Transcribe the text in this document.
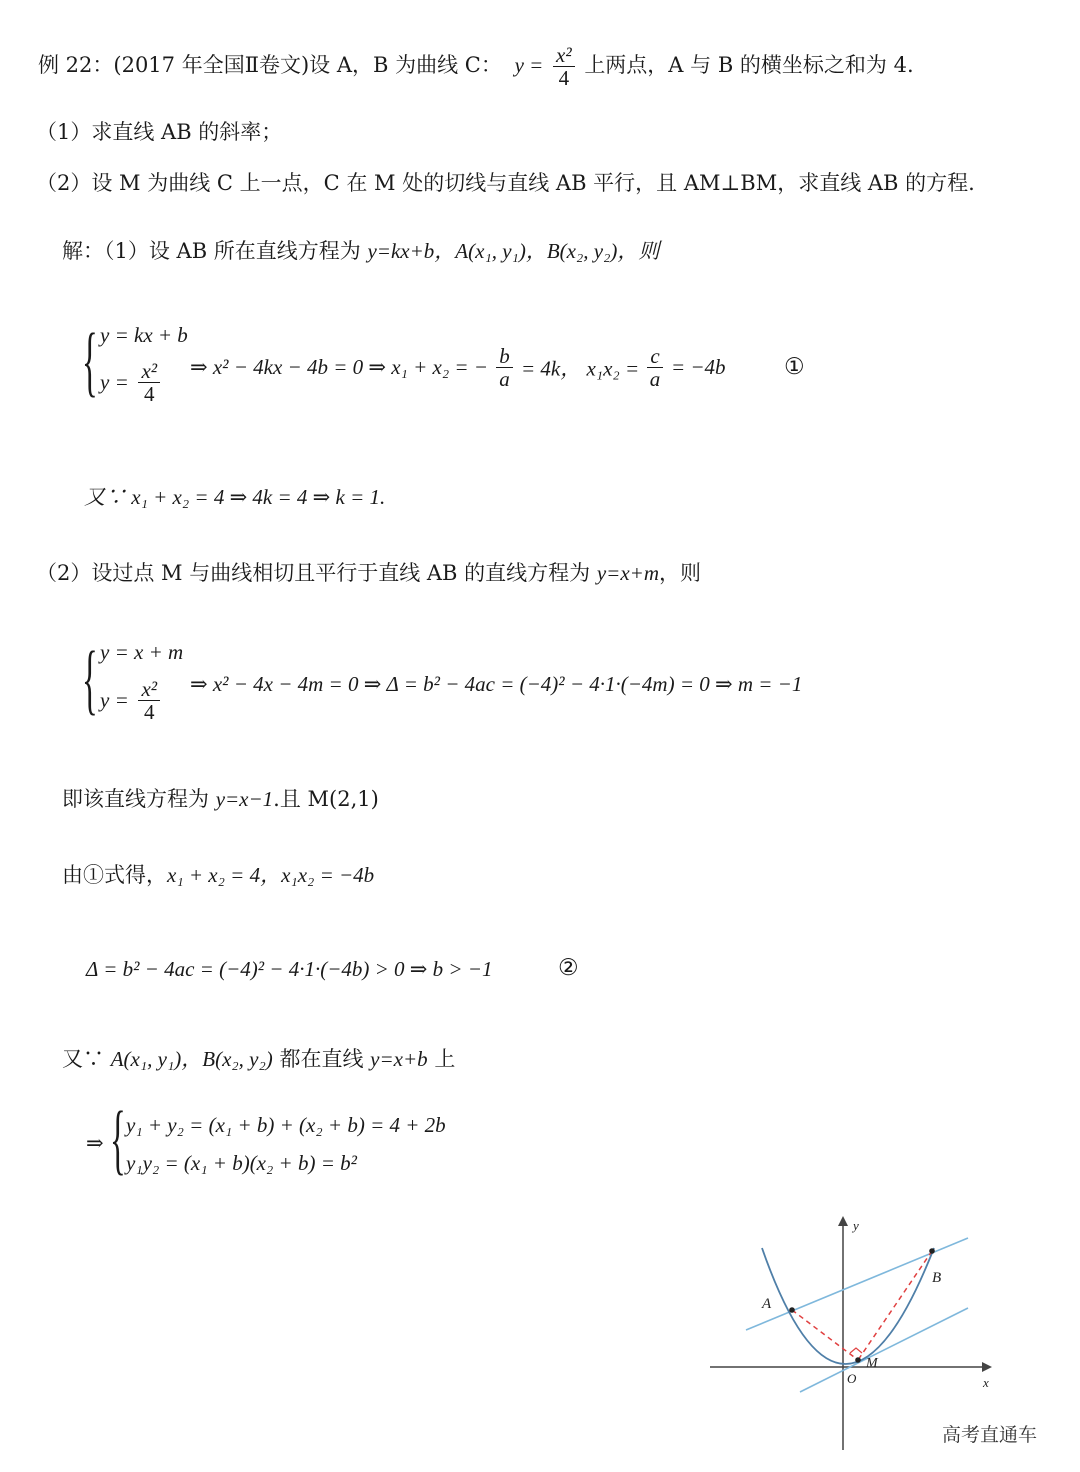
例 22：(2017 年全国Ⅱ卷文)设 A，B 为曲线 C： $y = \frac{\text{x²}}{4}$ 上两点，A 与 B 的横坐标之和为 4.
（1）求直线 AB 的斜率；
（2）设 M 为曲线 C 上一点，C 在 M 处的切线与直线 AB 平行，且 AM⊥BM，求直线 AB 的方程.
解：（1）设 AB 所在直线方程为 y=kx+b，A(x₁, y₁)，B(x₂, y₂)，则
{ y = kx + b
$y = \frac{\text{x²}}{4}$ ⇒ x² − 4kx − 4b = 0 ⇒ x₁ + x₂ = − $\frac{b}{a} = 4k$， $x_1x_2 = \frac{c}{a} = -4b$	①
又∵ x₁ + x₂ = 4 ⇒ 4k = 4 ⇒ k = 1.
（2）设过点 M 与曲线相切且平行于直线 AB 的直线方程为 y=x+m，则
{ y = x + m
$y = \frac{\text{x²}}{4}$ ⇒ x² − 4x − 4m = 0 ⇒ Δ = b² − 4ac = (−4)² − 4·1·(−4m) = 0 ⇒ m = −1
即该直线方程为 y=x−1.且 M(2,1)
由①式得，x₁ + x₂ = 4，x₁x₂ = −4b
Δ = b² − 4ac = (−4)² − 4·1·(−4b) > 0 ⇒ b > −1	②
又∵ A(x₁, y₁)，B(x₂, y₂) 都在直线 y=x+b 上
⇒ { y₁ + y₂ = (x₁ + b) + (x₂ + b) = 4 + 2b
y₁y₂ = (x₁ + b)(x₂ + b) = b²
A
B
M
O	x
y
高考直通车
